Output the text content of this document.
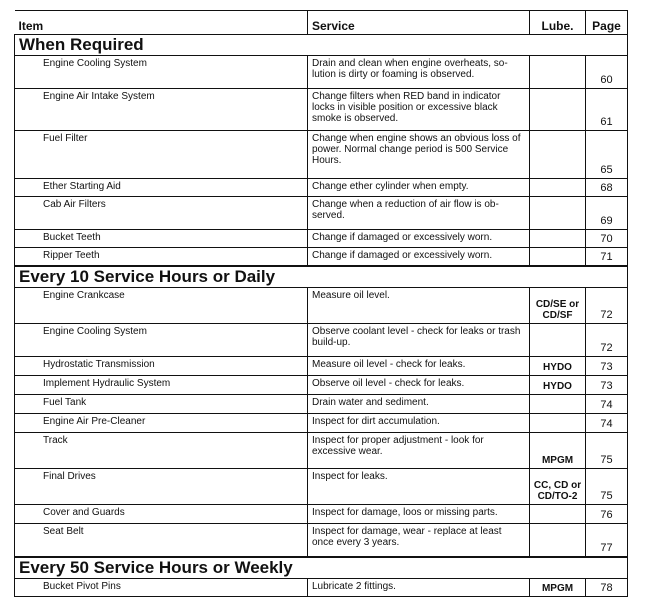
Item	Service	Lube.	Page
When Required			
Engine Cooling System	Drain and clean when engine overheats, so-lution is dirty or foaming is observed.		60
Engine Air Intake System	Change filters when RED band in indicator locks in visible position or excessive black smoke is observed.		61
Fuel Filter	Change when engine shows an obvious loss of power. Normal change period is 500 Service Hours.		65
Ether Starting Aid	Change ether cylinder when empty.		68
Cab Air Filters	Change when a reduction of air flow is ob-served.		69
Bucket Teeth	Change if damaged or excessively worn.		70
Ripper Teeth	Change if damaged or excessively worn.		71
Every 10 Service Hours or Daily			
Engine Crankcase	Measure oil level.	CD/SE or CD/SF	72
Engine Cooling System	Observe coolant level - check for leaks or trash build-up.		72
Hydrostatic Transmission	Measure oil level - check for leaks.	HYDO	73
Implement Hydraulic System	Observe oil level - check for leaks.	HYDO	73
Fuel Tank	Drain water and sediment.		74
Engine Air Pre-Cleaner	Inspect for dirt accumulation.		74
Track	Inspect for proper adjustment - look for excessive wear.	MPGM	75
Final Drives	Inspect for leaks.	CC, CD or CD/TO-2	75
Cover and Guards	Inspect for damage, loos or missing parts.		76
Seat Belt	Inspect for damage, wear - replace at least once every 3 years.		77
Every 50 Service Hours or Weekly			
Bucket Pivot Pins	Lubricate 2 fittings.	MPGM	78
